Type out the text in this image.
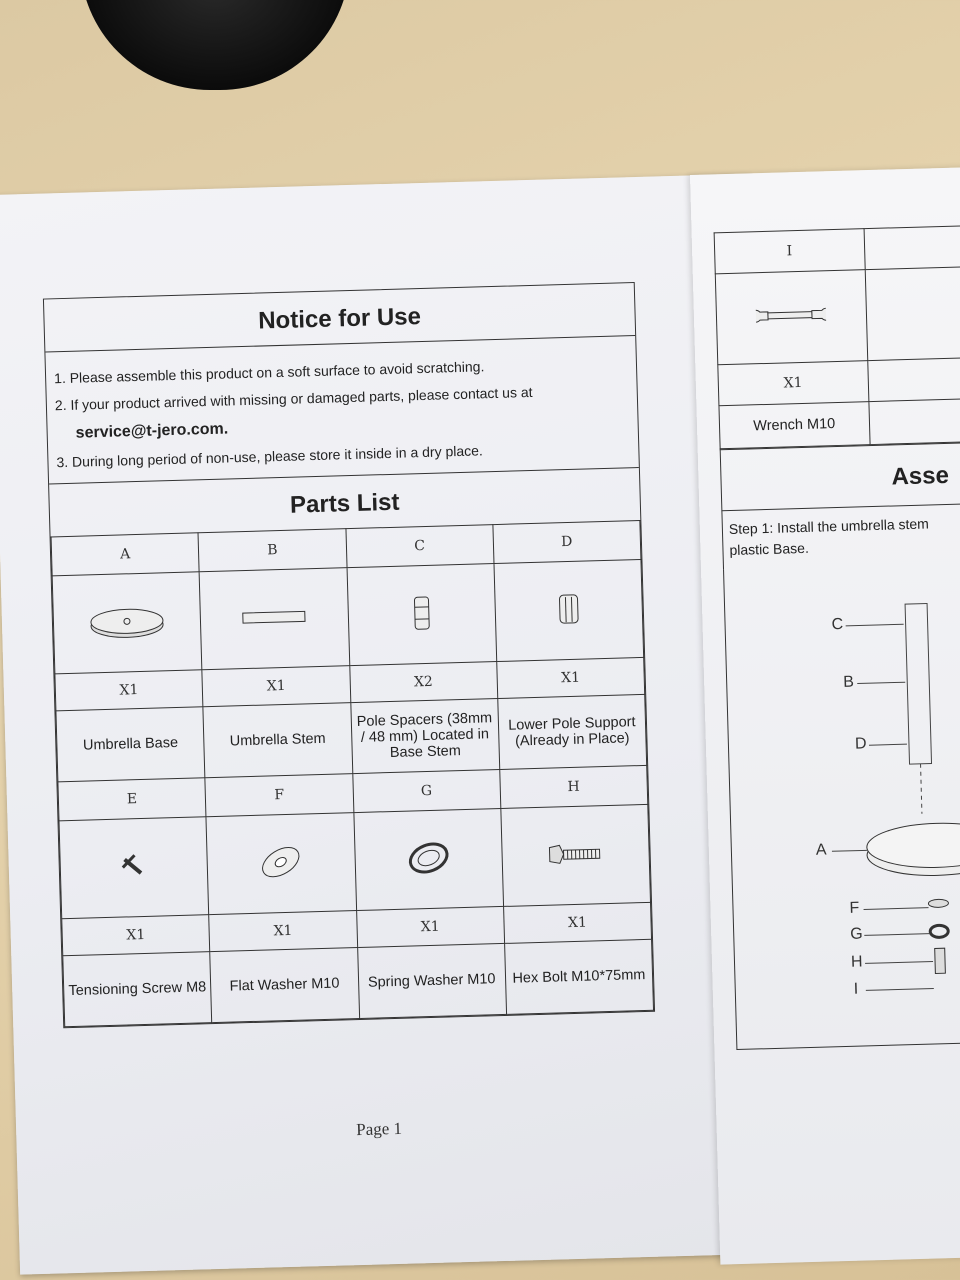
Notice for Use
1. Please assemble this product on a soft surface to avoid scratching.
2. If your product arrived with missing or damaged parts, please contact us at
service@t-jero.com.
3. During long period of non-use, please store it inside in a dry place.
Parts List
A	B	C	D

X1	X1	X2	X1
Umbrella Base	Umbrella Stem	Pole Spacers (38mm / 48 mm) Located in Base Stem	Lower Pole Support (Already in Place)
E	F	G	H

X1	X1	X1	X1
Tensioning Screw M8	Flat Washer M10	Spring Washer M10	Hex Bolt M10*75mm
Page 1
I	

X1	
Wrench M10	
Asse
Step 1: Install the umbrella stem
plastic Base.
C
B
D
A
F
G
H
I
